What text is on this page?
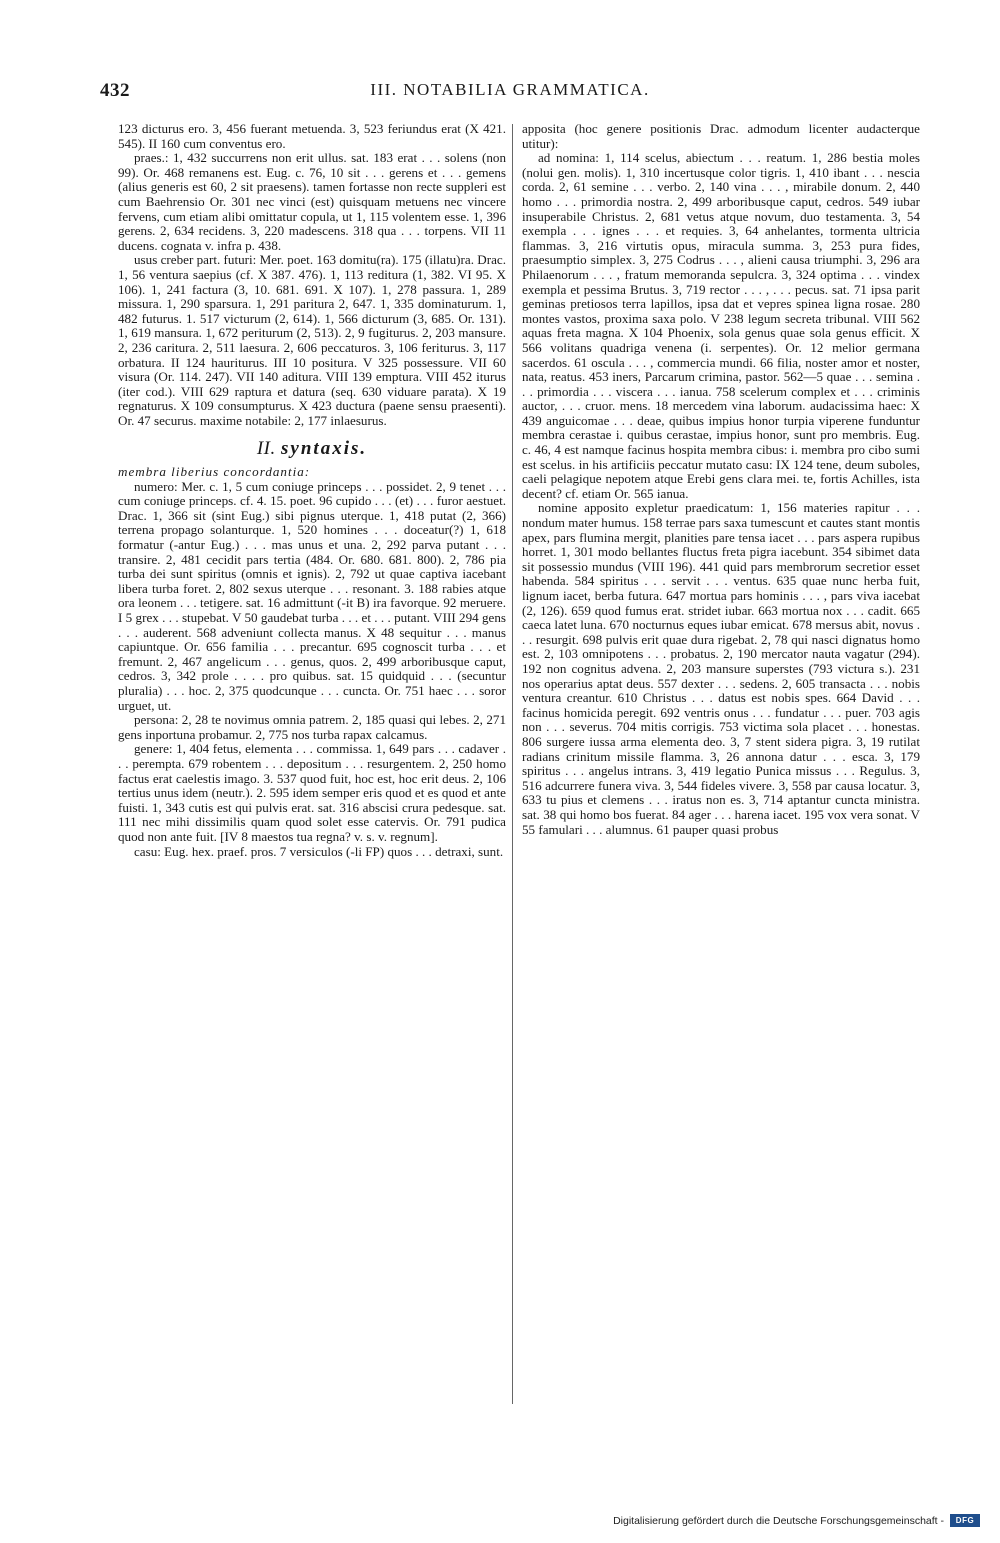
432	III. NOTABILIA GRAMMATICA.

123 dicturus ero. 3, 456 fuerant metuenda. 3, 523 feriundus erat (X 421. 545). II 160 cum conventus ero.

praes.: 1, 432 succurrens non erit ullus. sat. 183 erat . . . solens (non 99). Or. 468 remanens est. Eug. c. 76, 10 sit . . . gerens et . . . gemens (alius generis est 60, 2 sit praesens). tamen fortasse non recte suppleri est cum Baehrensio Or. 301 nec vinci (est) quisquam metuens nec vincere fervens, cum etiam alibi omittatur copula, ut 1, 115 volentem esse. 1, 396 gerens. 2, 634 recidens. 3, 220 madescens. 318 qua . . . torpens. VII 11 ducens. cognata v. infra p. 438.

usus creber part. futuri: Mer. poet. 163 domitu(ra). 175 (illatu)ra. Drac. 1, 56 ventura saepius (cf. X 387. 476). 1, 113 reditura (1, 382. VI 95. X 106). 1, 241 factura (3, 10. 681. 691. X 107). 1, 278 passura. 1, 289 missura. 1, 290 sparsura. 1, 291 paritura 2, 647. 1, 335 dominaturum. 1, 482 futurus. 1. 517 victurum (2, 614). 1, 566 dicturum (3, 685. Or. 131). 1, 619 mansura. 1, 672 periturum (2, 513). 2, 9 fugiturus. 2, 203 mansure. 2, 236 caritura. 2, 511 laesura. 2, 606 peccaturos. 3, 106 feriturus. 3, 117 orbatura. II 124 hauriturus. III 10 positura. V 325 possessure. VII 60 visura (Or. 114. 247). VII 140 aditura. VIII 139 emptura. VIII 452 iturus (iter cod.). VIII 629 raptura et datura (seq. 630 viduare parata). X 19 regnaturus. X 109 consumpturus. X 423 ductura (paene sensu praesenti). Or. 47 securus. maxime notabile: 2, 177 inlaesurus.

II. syntaxis.

membra liberius concordantia:

numero: Mer. c. 1, 5 cum coniuge princeps . . . possidet. 2, 9 tenet . . . cum coniuge princeps. cf. 4. 15. poet. 96 cupido . . . (et) . . . furor aestuet. Drac. 1, 366 sit (sint Eug.) sibi pignus uterque. 1, 418 putat (2, 366) terrena propago solanturque. 1, 520 homines . . . doceatur(?) 1, 618 formatur (-antur Eug.) . . . mas unus et una. 2, 292 parva putant . . . transire. 2, 481 cecidit pars tertia (484. Or. 680. 681. 800). 2, 786 pia turba dei sunt spiritus (omnis et ignis). 2, 792 ut quae captiva iacebant libera turba foret. 2, 802 sexus uterque . . . resonant. 3. 188 rabies atque ora leonem . . . tetigere. sat. 16 admittunt (-it B) ira favorque. 92 meruere. I 5 grex . . . stupebat. V 50 gaudebat turba . . . et . . . putant. VIII 294 gens . . . auderent. 568 adveniunt collecta manus. X 48 sequitur . . . manus capiuntque. Or. 656 familia . . . precantur. 695 cognoscit turba . . . et fremunt. 2, 467 angelicum . . . genus, quos. 2, 499 arboribusque caput, cedros. 3, 342 prole . . . . pro quibus. sat. 15 quidquid . . . (secuntur pluralia) . . . hoc. 2, 375 quodcunque . . . cuncta. Or. 751 haec . . . soror urguet, ut.

persona: 2, 28 te novimus omnia patrem. 2, 185 quasi qui lebes. 2, 271 gens inportuna probamur. 2, 775 nos turba rapax calcamus.

genere: 1, 404 fetus, elementa . . . commissa. 1, 649 pars . . . cadaver . . . perempta. 679 robentem . . . depositum . . . resurgentem. 2, 250 homo factus erat caelestis imago. 3. 537 quod fuit, hoc est, hoc erit deus. 2, 106 tertius unus idem (neutr.). 2. 595 idem semper eris quod et es quod et ante fuisti. 1, 343 cutis est qui pulvis erat. sat. 316 abscisi crura pedesque. sat. 111 nec mihi dissimilis quam quod solet esse catervis. Or. 791 pudica quod non ante fuit. [IV 8 maestos tua regna? v. s. v. regnum].

casu: Eug. hex. praef. pros. 7 versiculos (-li FP) quos . . . detraxi, sunt.

apposita (hoc genere positionis Drac. admodum licenter audacterque utitur):

ad nomina: 1, 114 scelus, abiectum . . . reatum. 1, 286 bestia moles (nolui gen. molis). 1, 310 incertusque color tigris. 1, 410 ibant . . . nescia corda. 2, 61 semine . . . verbo. 2, 140 vina . . . , mirabile donum. 2, 440 homo . . . primordia nostra. 2, 499 arboribusque caput, cedros. 549 iubar insuperabile Christus. 2, 681 vetus atque novum, duo testamenta. 3, 54 exempla . . . ignes . . . et requies. 3, 64 anhelantes, tormenta ultricia flammas. 3, 216 virtutis opus, miracula summa. 3, 253 pura fides, praesumptio simplex. 3, 275 Codrus . . . , alieni causa triumphi. 3, 296 ara Philaenorum . . . , fratum memoranda sepulcra. 3, 324 optima . . . vindex exempla et pessima Brutus. 3, 719 rector . . . , . . . pecus. sat. 71 ipsa parit geminas pretiosos terra lapillos, ipsa dat et vepres spinea ligna rosae. 280 montes vastos, proxima saxa polo. V 238 legum secreta tribunal. VIII 562 aquas freta magna. X 104 Phoenix, sola genus quae sola genus efficit. X 566 volitans quadriga venena (i. serpentes). Or. 12 melior germana sacerdos. 61 oscula . . . , commercia mundi. 66 filia, noster amor et noster, nata, reatus. 453 iners, Parcarum crimina, pastor. 562—5 quae . . . semina . . . primordia . . . viscera . . . ianua. 758 scelerum complex et . . . criminis auctor, . . . cruor. mens. 18 mercedem vina laborum. audacissima haec: X 439 anguicomae . . . deae, quibus impius honor turpia viperene funduntur membra cerastae i. quibus cerastae, impius honor, sunt pro membris. Eug. c. 46, 4 est namque facinus hospita membra cibus: i. membra pro cibo sumi est scelus. in his artificiis peccatur mutato casu: IX 124 tene, deum suboles, caeli pelagique nepotem atque Erebi gens clara mei. te, fortis Achilles, ista decent? cf. etiam Or. 565 ianua.

nomine apposito expletur praedicatum: 1, 156 materies rapitur . . . nondum mater humus. 158 terrae pars saxa tumescunt et cautes stant montis apex, pars flumina mergit, planities pare tensa iacet . . . pars aspera rupibus horret. 1, 301 modo bellantes fluctus freta pigra iacebunt. 354 sibimet data sit possessio mundus (VIII 196). 441 quid pars membrorum secretior esset habenda. 584 spiritus . . . servit . . . ventus. 635 quae nunc herba fuit, lignum iacet, berba futura. 647 mortua pars hominis . . . , pars viva iacebat (2, 126). 659 quod fumus erat. stridet iubar. 663 mortua nox . . . cadit. 665 caeca latet luna. 670 nocturnus eques iubar emicat. 678 mersus abit, novus . . . resurgit. 698 pulvis erit quae dura rigebat. 2, 78 qui nasci dignatus homo est. 2, 103 omnipotens . . . probatus. 2, 190 mercator nauta vagatur (294). 192 non cognitus advena. 2, 203 mansure superstes (793 victura s.). 231 nos operarius aptat deus. 557 dexter . . . sedens. 2, 605 transacta . . . nobis ventura creantur. 610 Christus . . . datus est nobis spes. 664 David . . . facinus homicida peregit. 692 ventris onus . . . fundatur . . . puer. 703 agis non . . . severus. 704 mitis corrigis. 753 victima sola placet . . . honestas. 806 surgere iussa arma elementa deo. 3, 7 stent sidera pigra. 3, 19 rutilat radians crinitum missile flamma. 3, 26 annona datur . . . esca. 3, 179 spiritus . . . angelus intrans. 3, 419 legatio Punica missus . . . Regulus. 3, 516 adcurrere funera viva. 3, 544 fideles vivere. 3, 558 par causa locatur. 3, 633 tu pius et clemens . . . iratus non es. 3, 714 aptantur cuncta ministra. sat. 38 qui homo bos fuerat. 84 ager . . . harena iacet. 195 vox vera sonat. V 55 famulari . . . alumnus. 61 pauper quasi probus

Digitalisierung gefördert durch die Deutsche Forschungsgemeinschaft -	DFG
